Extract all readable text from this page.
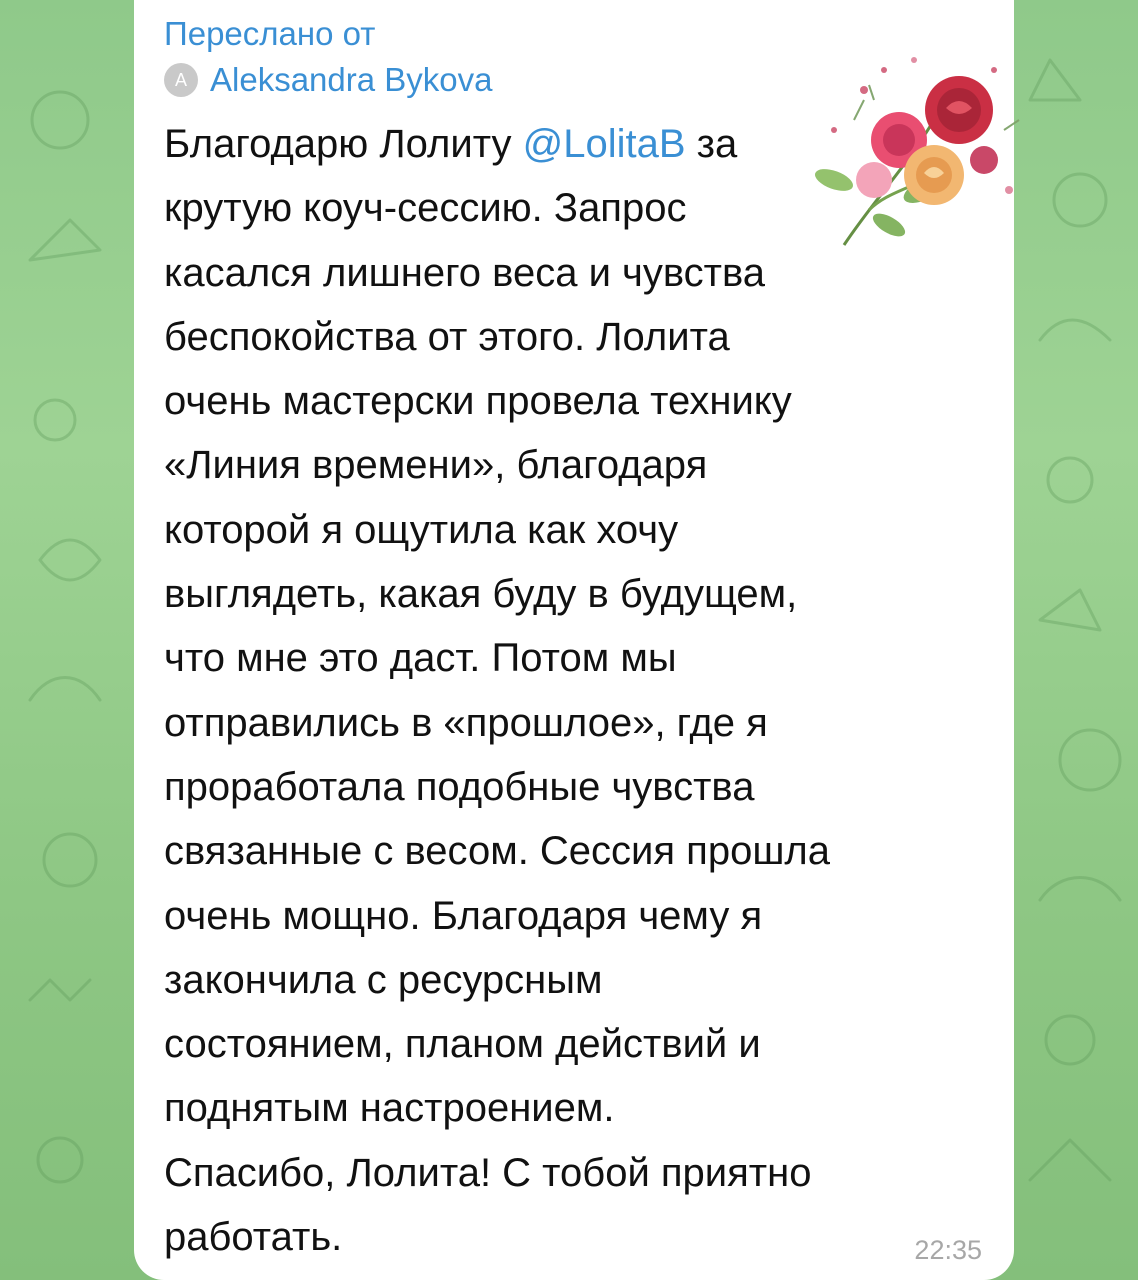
Переслано от
A Aleksandra Bykova
Благодарю Лолиту @LolitaB за
крутую коуч-сессию. Запрос
касался лишнего веса и чувства
беспокойства от этого. Лолита
очень мастерски провела технику
«Линия времени», благодаря
которой я ощутила как хочу
выглядеть, какая буду в будущем,
что мне это даст. Потом мы
отправились в «прошлое», где я
проработала подобные чувства
связанные с весом. Сессия прошла
очень мощно. Благодаря чему я
закончила с ресурсным
состоянием, планом действий и
поднятым настроением.
Спасибо, Лолита! С тобой приятно
работать.	22:35
